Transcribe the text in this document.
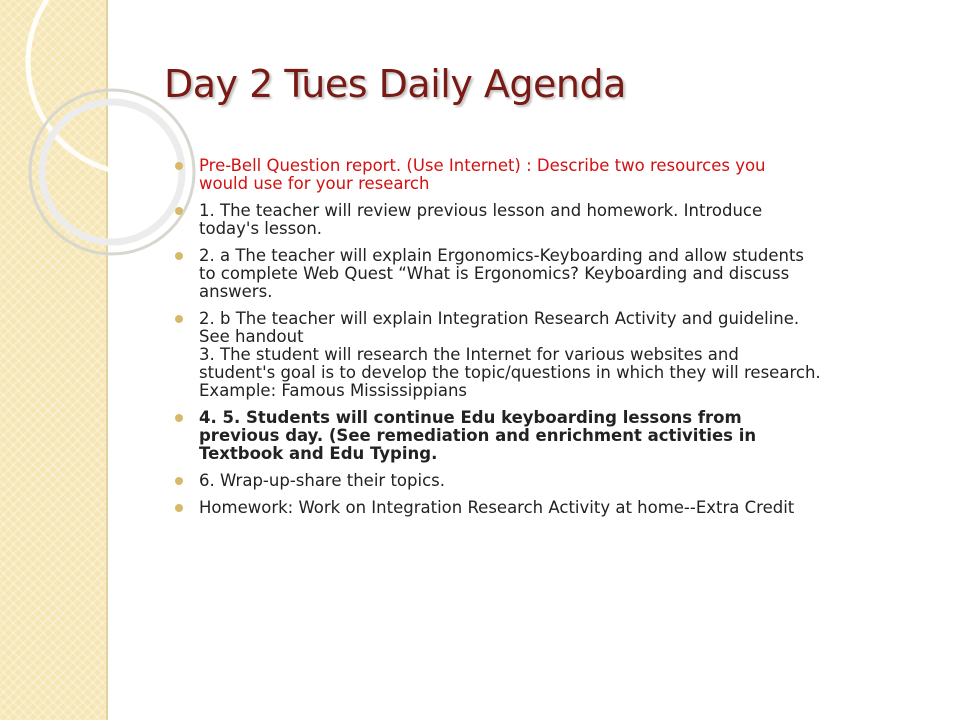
Day 2 Tues Daily Agenda
Pre-Bell Question report. (Use Internet) : Describe two resources you
would use for your research
1. The teacher will review previous lesson and homework. Introduce
today's lesson.
2. a The teacher will explain Ergonomics-Keyboarding and allow students
to complete Web Quest “What is Ergonomics? Keyboarding and discuss
answers.
2. b The teacher will explain Integration Research Activity and guideline.
See handout
3. The student will research the Internet for various websites and
student's goal is to develop the topic/questions in which they will research.
Example: Famous Mississippians
4. 5. Students will continue Edu keyboarding lessons from
previous day. (See remediation and enrichment activities in
Textbook and Edu Typing.
6. Wrap-up-share their topics.
Homework: Work on Integration Research Activity at home--Extra Credit
